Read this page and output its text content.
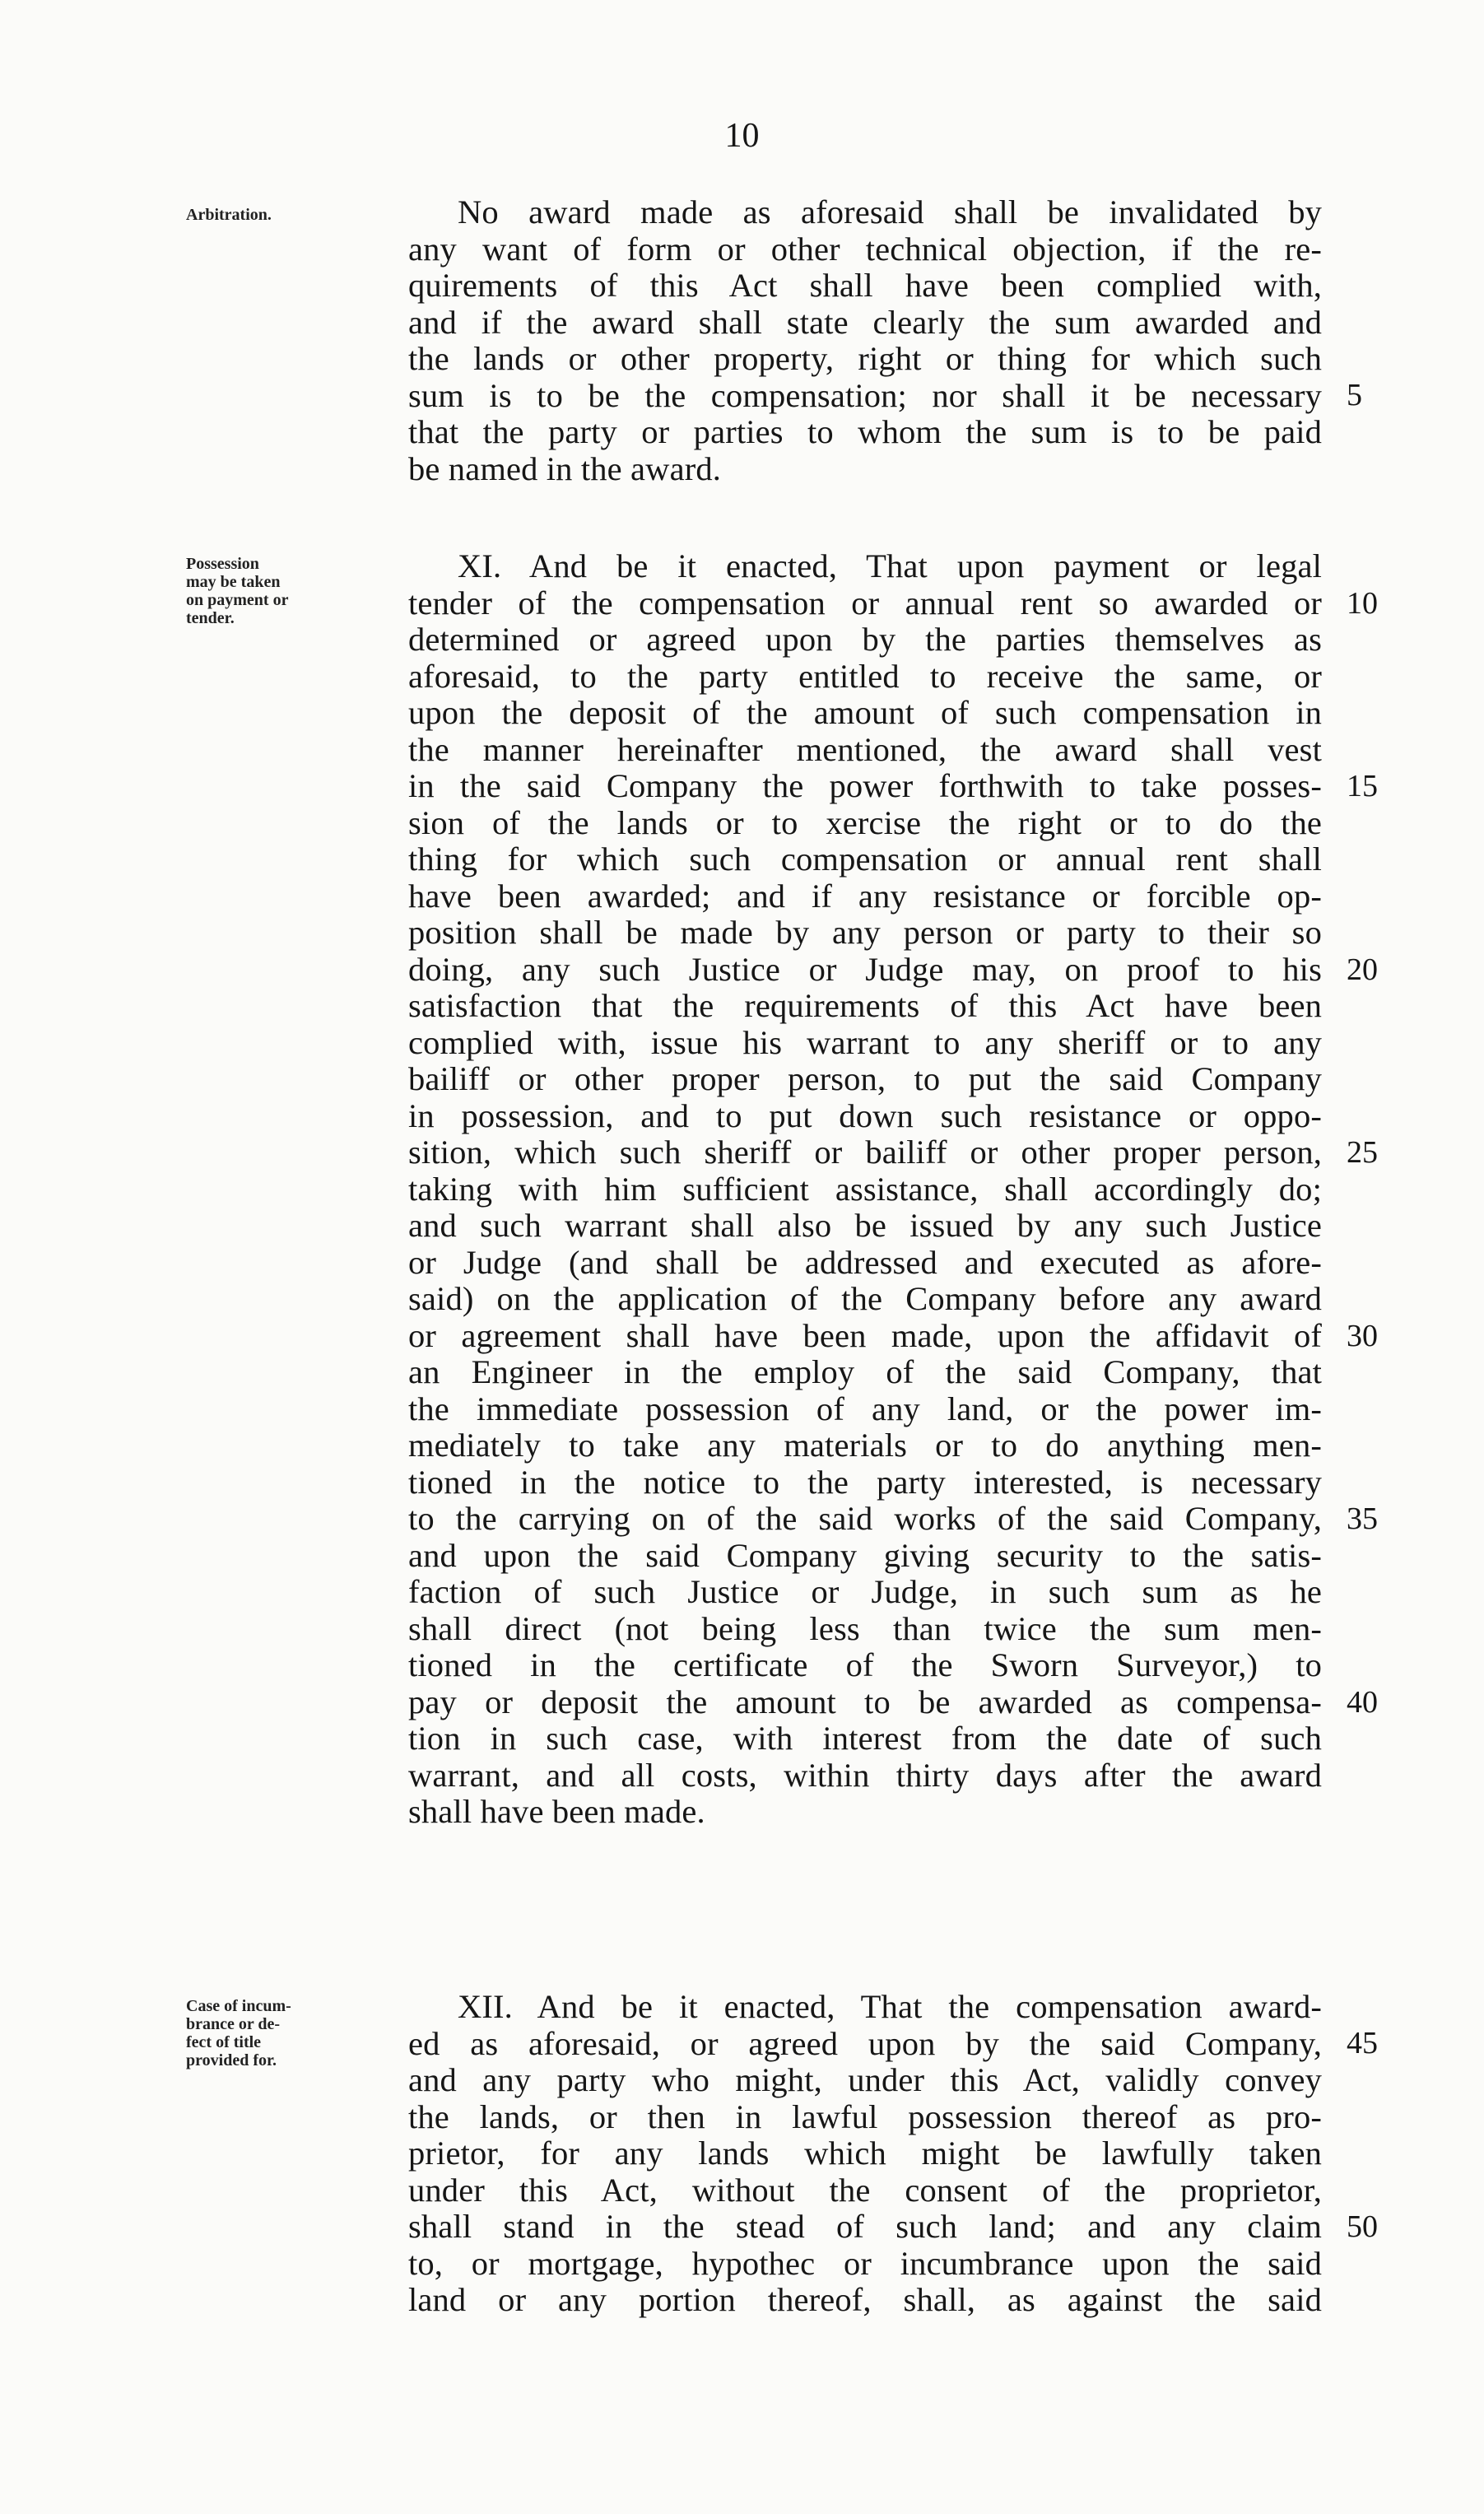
10
Arbitration.	No award made as aforesaid shall be invalidated by
any want of form or other technical objection, if the re-
quirements of this Act shall have been complied with,
and if the award shall state clearly the sum awarded and
the lands or other property, right or thing for which such
sum is to be the compensation; nor shall it be necessary
that the party or parties to whom the sum is to be paid
be named in the award.
Possession
may be taken
on payment or
tender.
XI. And be it enacted, That upon payment or legal
tender of the compensation or annual rent so awarded or
determined or agreed upon by the parties themselves as
aforesaid, to the party entitled to receive the same, or
upon the deposit of the amount of such compensation in
the manner hereinafter mentioned, the award shall vest
in the said Company the power forthwith to take posses-
sion of the lands or to xercise the right or to do the
thing for which such compensation or annual rent shall
have been awarded; and if any resistance or forcible op-
position shall be made by any person or party to their so
doing, any such Justice or Judge may, on proof to his
satisfaction that the requirements of this Act have been
complied with, issue his warrant to any sheriff or to any
bailiff or other proper person, to put the said Company
in possession, and to put down such resistance or oppo-
sition, which such sheriff or bailiff or other proper person,
taking with him sufficient assistance, shall accordingly do;
and such warrant shall also be issued by any such Justice
or Judge (and shall be addressed and executed as afore-
said) on the application of the Company before any award
or agreement shall have been made, upon the affidavit of
an Engineer in the employ of the said Company, that
the immediate possession of any land, or the power im-
mediately to take any materials or to do anything men-
tioned in the notice to the party interested, is necessary
to the carrying on of the said works of the said Company,
and upon the said Company giving security to the satis-
faction of such Justice or Judge, in such sum as he
shall direct (not being less than twice the sum men-
tioned in the certificate of the Sworn Surveyor,) to
pay or deposit the amount to be awarded as compensa-
tion in such case, with interest from the date of such
warrant, and all costs, within thirty days after the award
shall have been made.
Case of incum-
brance or de-
fect of title
provided for.
XII. And be it enacted, That the compensation award-
ed as aforesaid, or agreed upon by the said Company,
and any party who might, under this Act, validly convey
the lands, or then in lawful possession thereof as pro-
prietor, for any lands which might be lawfully taken
under this Act, without the consent of the proprietor,
shall stand in the stead of such land; and any claim
to, or mortgage, hypothec or incumbrance upon the said
land or any portion thereof, shall, as against the said
5
10
15
20
25
30
35
40
45
50
